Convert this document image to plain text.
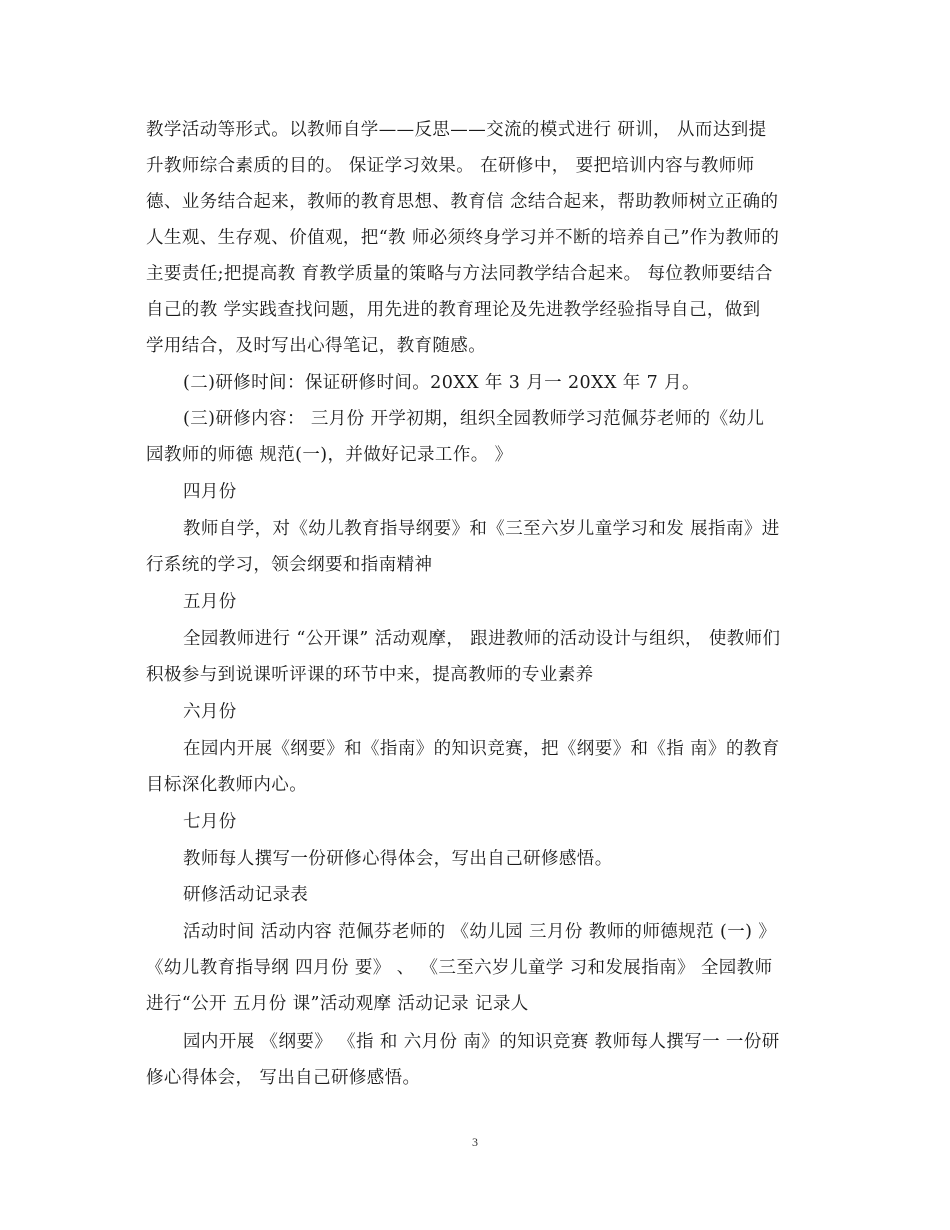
教学活动等形式。以教师自学——反思——交流的模式进行 研训， 从而达到提
升教师综合素质的目的。 保证学习效果。 在研修中， 要把培训内容与教师师
德、业务结合起来，教师的教育思想、教育信 念结合起来，帮助教师树立正确的
人生观、生存观、价值观，把“教 师必须终身学习并不断的培养自己”作为教师的
主要责任;把提高教 育教学质量的策略与方法同教学结合起来。 每位教师要结合
自己的教 学实践查找问题，用先进的教育理论及先进教学经验指导自己，做到
学用结合，及时写出心得笔记，教育随感。
(二)研修时间：保证研修时间。20XX 年 3 月一 20XX 年 7 月。
(三)研修内容： 三月份 开学初期，组织全园教师学习范佩芬老师的《幼儿
园教师的师德 规范(一)，并做好记录工作。 》
四月份
教师自学，对《幼儿教育指导纲要》和《三至六岁儿童学习和发 展指南》进
行系统的学习，领会纲要和指南精神
五月份
全园教师进行 “公开课” 活动观摩， 跟进教师的活动设计与组织， 使教师们
积极参与到说课听评课的环节中来，提高教师的专业素养
六月份
在园内开展《纲要》和《指南》的知识竞赛，把《纲要》和《指 南》的教育
目标深化教师内心。
七月份
教师每人撰写一份研修心得体会，写出自己研修感悟。
研修活动记录表
活动时间 活动内容 范佩芬老师的 《幼儿园 三月份 教师的师德规范 (一) 》
《幼儿教育指导纲 四月份 要》 、 《三至六岁儿童学 习和发展指南》 全园教师
进行“公开 五月份 课”活动观摩 活动记录 记录人
园内开展 《纲要》 《指 和 六月份 南》的知识竞赛 教师每人撰写一 一份研
修心得体会， 写出自己研修感悟。
3
